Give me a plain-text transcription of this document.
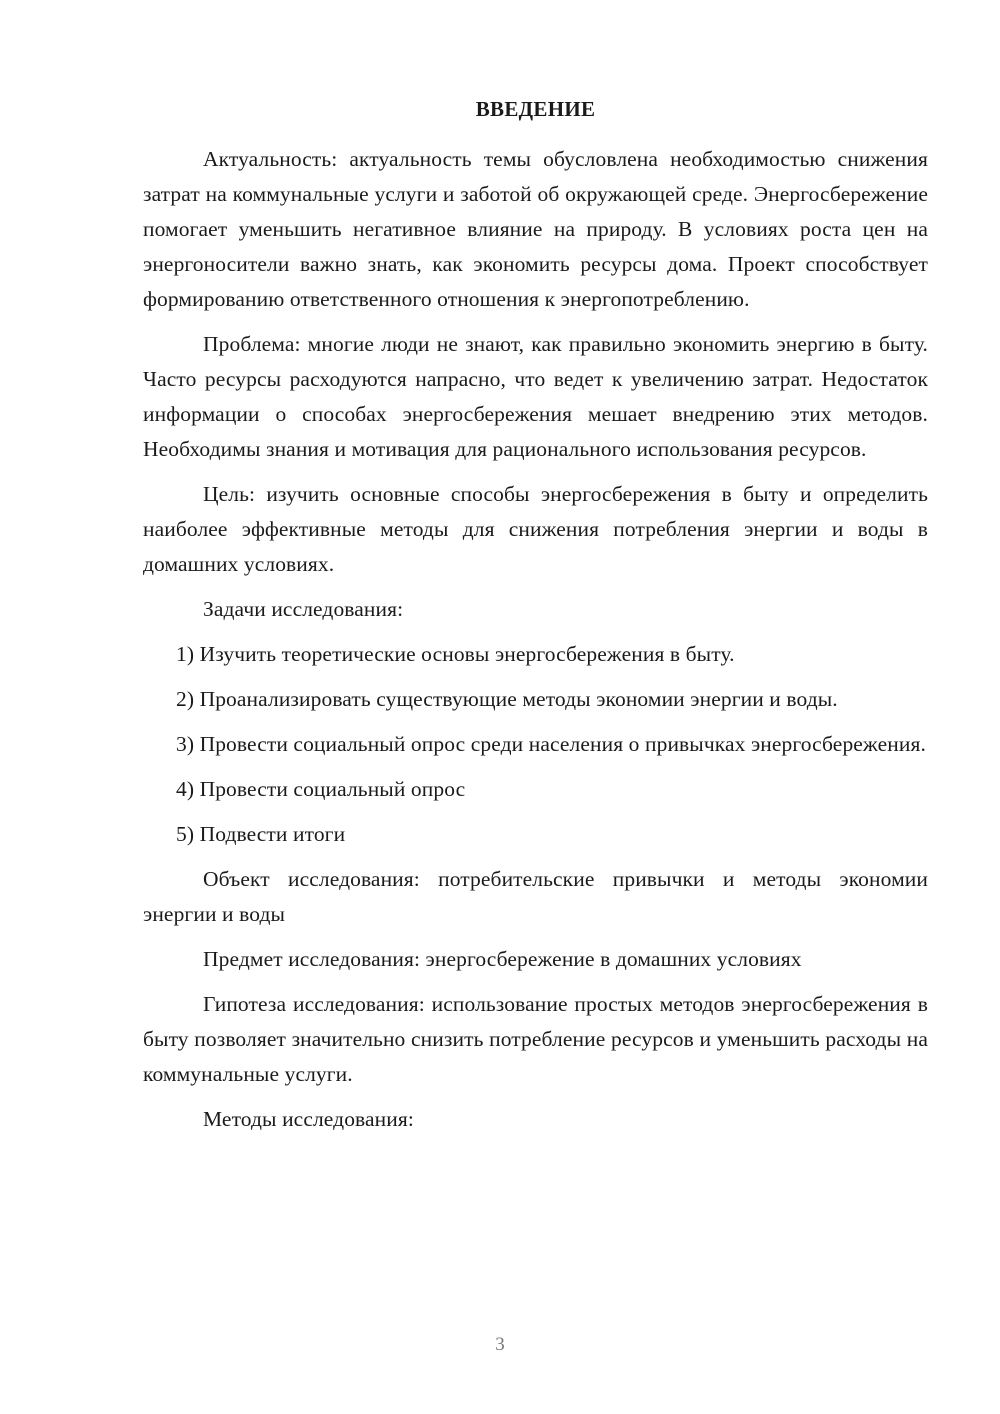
ВВЕДЕНИЕ

Актуальность: актуальность темы обусловлена необходимостью снижения затрат на коммунальные услуги и заботой об окружающей среде. Энергосбережение помогает уменьшить негативное влияние на природу. В условиях роста цен на энергоносители важно знать, как экономить ресурсы дома. Проект способствует формированию ответственного отношения к энергопотреблению.

Проблема: многие люди не знают, как правильно экономить энергию в быту. Часто ресурсы расходуются напрасно, что ведет к увеличению затрат. Недостаток информации о способах энергосбережения мешает внедрению этих методов. Необходимы знания и мотивация для рационального использования ресурсов.

Цель: изучить основные способы энергосбережения в быту и определить наиболее эффективные методы для снижения потребления энергии и воды в домашних условиях.

Задачи исследования:

1) Изучить теоретические основы энергосбережения в быту.

2) Проанализировать существующие методы экономии энергии и воды.

3) Провести социальный опрос среди населения о привычках энергосбережения.

4) Провести социальный опрос

5) Подвести итоги

Объект исследования: потребительские привычки и методы экономии энергии и воды

Предмет исследования: энергосбережение в домашних условиях

Гипотеза исследования: использование простых методов энергосбережения в быту позволяет значительно снизить потребление ресурсов и уменьшить расходы на коммунальные услуги.

Методы исследования:

3
